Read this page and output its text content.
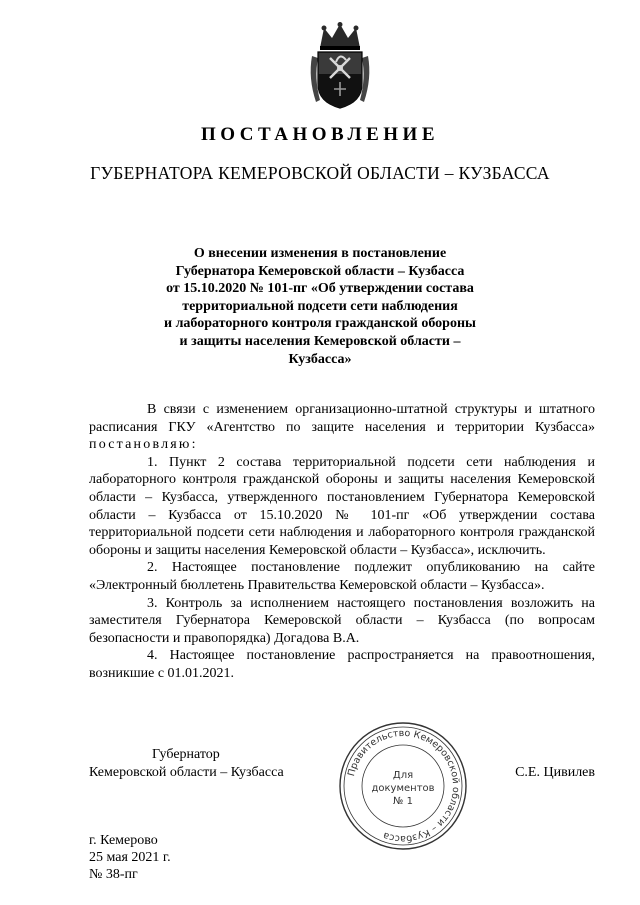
ПОСТАНОВЛЕНИЕ
ГУБЕРНАТОРА КЕМЕРОВСКОЙ ОБЛАСТИ – КУЗБАССА
О внесении изменения в постановление
Губернатора Кемеровской области – Кузбасса
от 15.10.2020 № 101-пг «Об утверждении состава
территориальной подсети сети наблюдения
и лабораторного контроля гражданской обороны
и защиты населения Кемеровской области –
Кузбасса»

В связи с изменением организационно-штатной структуры и штатного расписания ГКУ «Агентство по защите населения и территории Кузбасса» постановляю:

1. Пункт 2 состава территориальной подсети сети наблюдения и лабораторного контроля гражданской обороны и защиты населения Кемеровской области – Кузбасса, утвержденного постановлением Губернатора Кемеровской области – Кузбасса от 15.10.2020 № 101-пг «Об утверждении состава территориальной подсети сети наблюдения и лабораторного контроля гражданской обороны и защиты населения Кемеровской области – Кузбасса», исключить.

2. Настоящее постановление подлежит опубликованию на сайте «Электронный бюллетень Правительства Кемеровской области – Кузбасса».

3. Контроль за исполнением настоящего постановления возложить на заместителя Губернатора Кемеровской области – Кузбасса (по вопросам безопасности и правопорядка) Догадова В.А.

4. Настоящее постановление распространяется на правоотношения, возникшие с 01.01.2021.

Губернатор
Кемеровской области – Кузбасса	С.Е. Цивилев
Правительство Кемеровской области – Кузбасса
Для
документов
№ 1
г. Кемерово
25 мая 2021 г.
№ 38-пг
